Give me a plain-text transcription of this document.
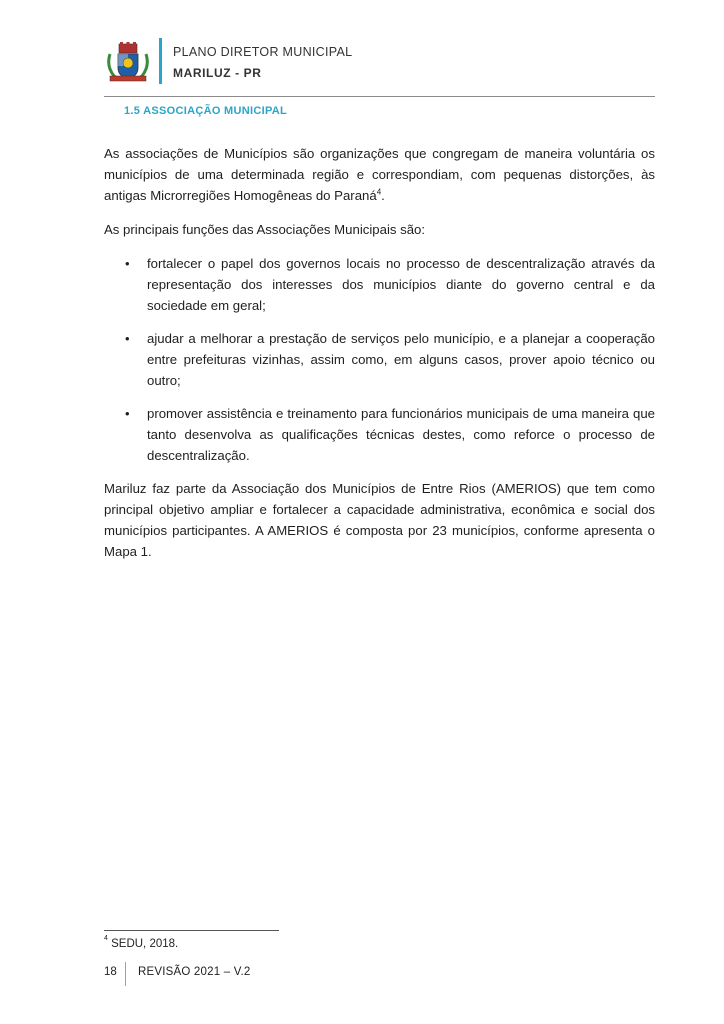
PLANO DIRETOR MUNICIPAL
MARILUZ - PR
1.5 ASSOCIAÇÃO MUNICIPAL

As associações de Municípios são organizações que congregam de maneira voluntária os municípios de uma determinada região e correspondiam, com pequenas distorções, às antigas Microrregiões Homogêneas do Paraná$^4$.

As principais funções das Associações Municipais são:

• fortalecer o papel dos governos locais no processo de descentralização através da representação dos interesses dos municípios diante do governo central e da sociedade em geral;
• ajudar a melhorar a prestação de serviços pelo município, e a planejar a cooperação entre prefeituras vizinhas, assim como, em alguns casos, prover apoio técnico ou outro;
• promover assistência e treinamento para funcionários municipais de uma maneira que tanto desenvolva as qualificações técnicas destes, como reforce o processo de descentralização.

Mariluz faz parte da Associação dos Municípios de Entre Rios (AMERIOS) que tem como principal objetivo ampliar e fortalecer a capacidade administrativa, econômica e social dos municípios participantes. A AMERIOS é composta por 23 municípios, conforme apresenta o Mapa 1.

$^4$ SEDU, 2018.
18 REVISÃO 2021 – V.2
